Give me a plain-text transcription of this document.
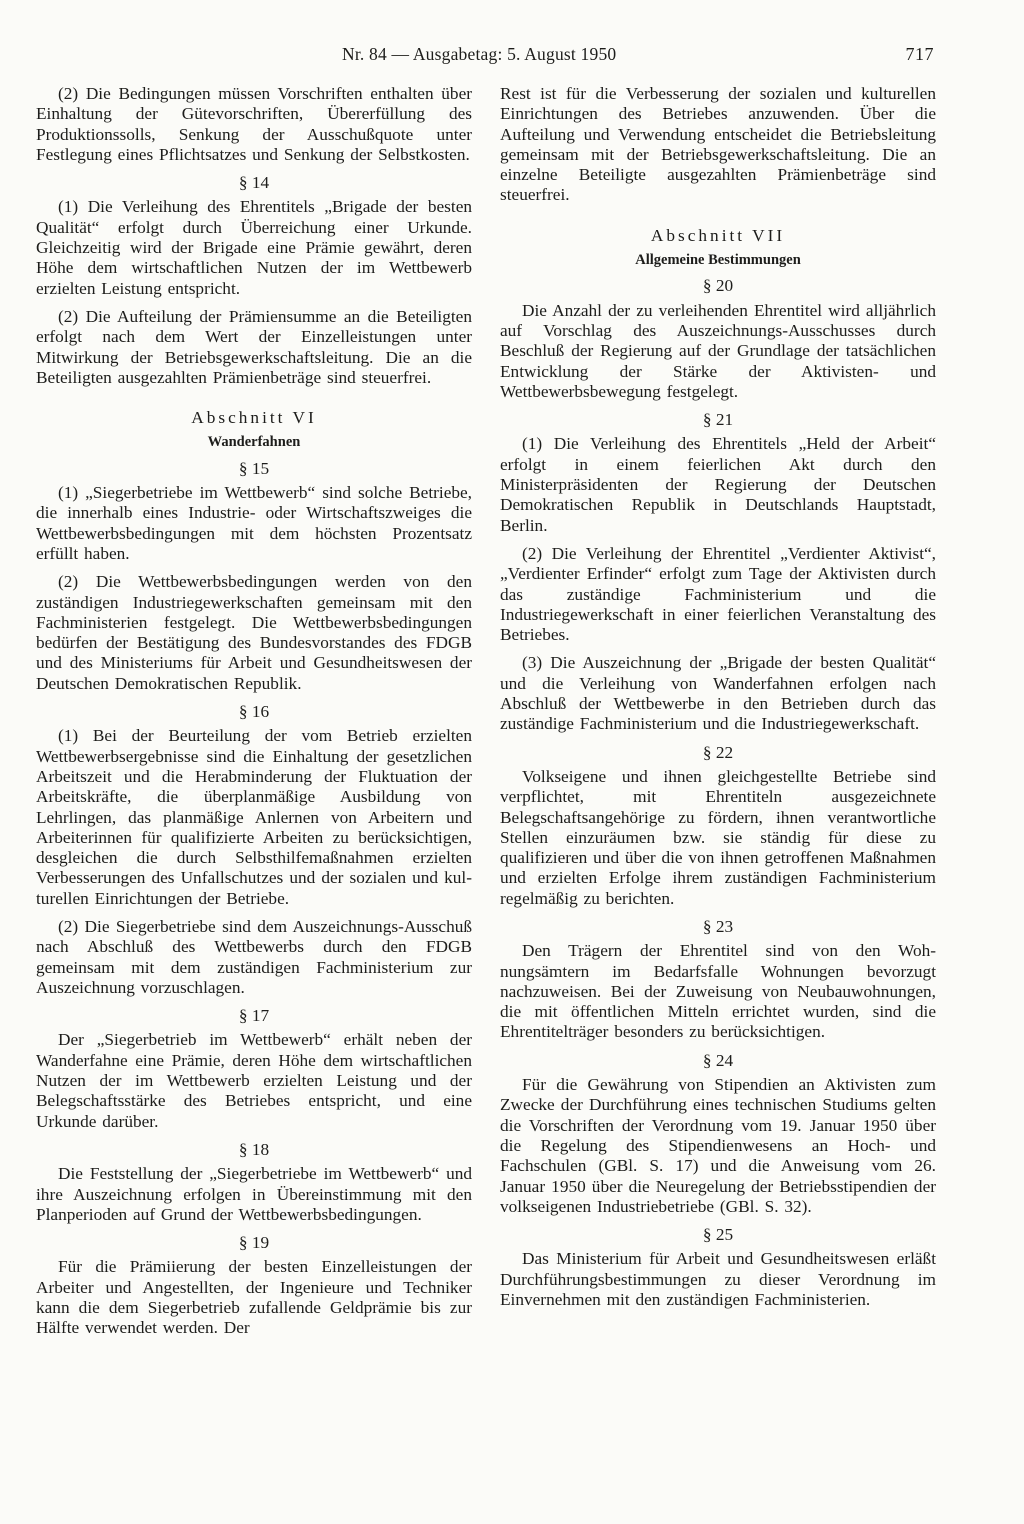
Nr. 84 — Ausgabetag: 5. August 1950	717

(2) Die Bedingungen müssen Vorschriften enthalten über Einhaltung der Gütevorschriften, Übererfüllung des Produktionssolls, Senkung der Ausschußquote unter Festlegung eines Pflichtsatzes und Senkung der Selbstkosten.

§ 14

(1) Die Verleihung des Ehrentitels „Brigade der besten Qualität“ erfolgt durch Überreichung einer Urkunde. Gleichzeitig wird der Brigade eine Prämie gewährt, deren Höhe dem wirtschaftlichen Nutzen der im Wettbewerb erzielten Leistung entspricht.

(2) Die Aufteilung der Prämiensumme an die Beteiligten erfolgt nach dem Wert der Einzelleistungen unter Mitwirkung der Betriebsgewerkschaftsleitung. Die an die Beteiligten ausgezahlten Prämienbeträge sind steuerfrei.

Abschnitt VI
Wanderfahnen
§ 15

(1) „Siegerbetriebe im Wettbewerb“ sind solche Betriebe, die innerhalb eines Industrie- oder Wirtschaftszweiges die Wettbewerbsbedingungen mit dem höchsten Prozentsatz erfüllt haben.

(2) Die Wettbewerbsbedingungen werden von den zuständigen Industriegewerkschaften gemeinsam mit den Fachministerien festgelegt. Die Wettbewerbsbedingungen bedürfen der Bestätigung des Bundesvorstandes des FDGB und des Ministeriums für Arbeit und Gesundheitswesen der Deutschen Demokratischen Republik.

§ 16

(1) Bei der Beurteilung der vom Betrieb erzielten Wettbewerbsergebnisse sind die Einhaltung der gesetzlichen Arbeitszeit und die Herabminderung der Fluktuation der Arbeitskräfte, die überplanmäßige Ausbildung von Lehrlingen, das planmäßige Anlernen von Arbeitern und Arbeiterinnen für qualifizierte Arbeiten zu berücksichtigen, desgleichen die durch Selbsthilfemaßnahmen erzielten Verbesserungen des Unfallschutzes und der sozialen und kulturellen Einrichtungen der Betriebe.

(2) Die Siegerbetriebe sind dem Auszeichnungs-Ausschuß nach Abschluß des Wettbewerbs durch den FDGB gemeinsam mit dem zuständigen Fachministerium zur Auszeichnung vorzuschlagen.

§ 17

Der „Siegerbetrieb im Wettbewerb“ erhält neben der Wanderfahne eine Prämie, deren Höhe dem wirtschaftlichen Nutzen der im Wettbewerb erzielten Leistung und der Belegschaftsstärke des Betriebes entspricht, und eine Urkunde darüber.

§ 18

Die Feststellung der „Siegerbetriebe im Wettbewerb“ und ihre Auszeichnung erfolgen in Übereinstimmung mit den Planperioden auf Grund der Wettbewerbsbedingungen.

§ 19

Für die Prämiierung der besten Einzelleistungen der Arbeiter und Angestellten, der Ingenieure und Techniker kann die dem Siegerbetrieb zufallende Geldprämie bis zur Hälfte verwendet werden. Der

Rest ist für die Verbesserung der sozialen und kulturellen Einrichtungen des Betriebes anzuwenden. Über die Aufteilung und Verwendung entscheidet die Betriebsleitung gemeinsam mit der Betriebsgewerkschaftsleitung. Die an einzelne Beteiligte ausgezahlten Prämienbeträge sind steuerfrei.

Abschnitt VII
Allgemeine Bestimmungen
§ 20

Die Anzahl der zu verleihenden Ehrentitel wird alljährlich auf Vorschlag des Auszeichnungs-Ausschusses durch Beschluß der Regierung auf der Grundlage der tatsächlichen Entwicklung der Stärke der Aktivisten- und Wettbewerbsbewegung festgelegt.

§ 21

(1) Die Verleihung des Ehrentitels „Held der Arbeit“ erfolgt in einem feierlichen Akt durch den Ministerpräsidenten der Regierung der Deutschen Demokratischen Republik in Deutschlands Hauptstadt, Berlin.

(2) Die Verleihung der Ehrentitel „Verdienter Aktivist“, „Verdienter Erfinder“ erfolgt zum Tage der Aktivisten durch das zuständige Fachministerium und die Industriegewerkschaft in einer feierlichen Veranstaltung des Betriebes.

(3) Die Auszeichnung der „Brigade der besten Qualität“ und die Verleihung von Wanderfahnen erfolgen nach Abschluß der Wettbewerbe in den Betrieben durch das zuständige Fachministerium und die Industriegewerkschaft.

§ 22

Volkseigene und ihnen gleichgestellte Betriebe sind verpflichtet, mit Ehrentiteln ausgezeichnete Belegschaftsangehörige zu fördern, ihnen verantwortliche Stellen einzuräumen bzw. sie ständig für diese zu qualifizieren und über die von ihnen getroffenen Maßnahmen und erzielten Erfolge ihrem zuständigen Fachministerium regelmäßig zu berichten.

§ 23

Den Trägern der Ehrentitel sind von den Wohnungsämtern im Bedarfsfalle Wohnungen bevorzugt nachzuweisen. Bei der Zuweisung von Neubauwohnungen, die mit öffentlichen Mitteln errichtet wurden, sind die Ehrentitelträger besonders zu berücksichtigen.

§ 24

Für die Gewährung von Stipendien an Aktivisten zum Zwecke der Durchführung eines technischen Studiums gelten die Vorschriften der Verordnung vom 19. Januar 1950 über die Regelung des Stipendienwesens an Hoch- und Fachschulen (GBl. S. 17) und die Anweisung vom 26. Januar 1950 über die Neuregelung der Betriebsstipendien der volkseigenen Industriebetriebe (GBl. S. 32).

§ 25

Das Ministerium für Arbeit und Gesundheitswesen erläßt Durchführungsbestimmungen zu dieser Verordnung im Einvernehmen mit den zuständigen Fachministerien.
